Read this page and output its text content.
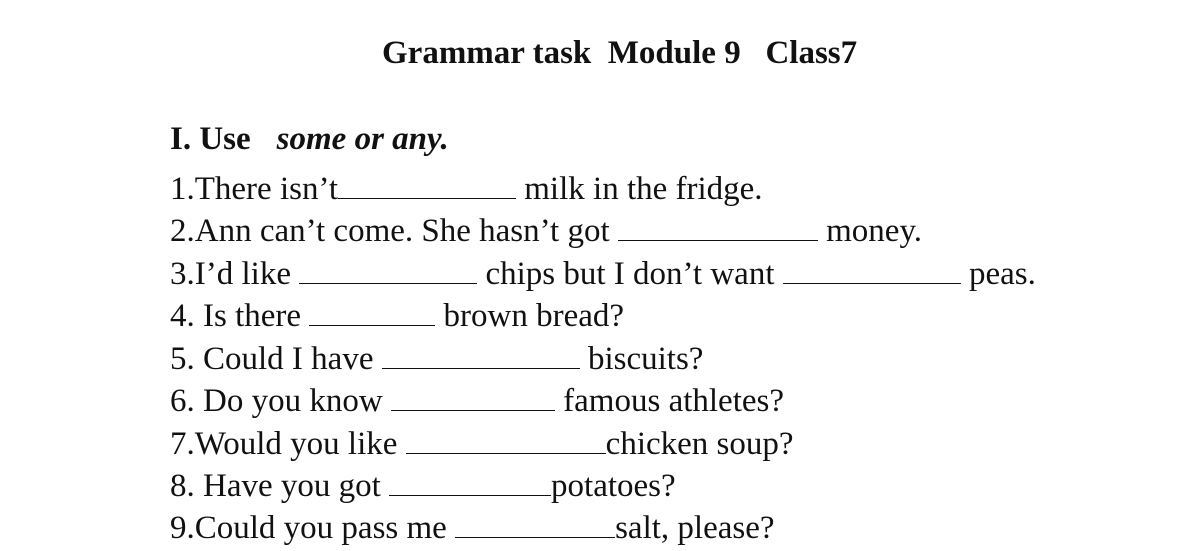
Grammar task  Module 9   Class7
I. Use some or any.
1.There isn’t	milk in the fridge.
2.Ann can’t come. She hasn’t got	money.
3.I’d like	chips but I don’t want	peas.
4. Is there	brown bread?
5. Could I have	biscuits?
6. Do you know	famous athletes?
7.Would you like	chicken soup?
8. Have you got	potatoes?
9.Could you pass me	salt, please?
